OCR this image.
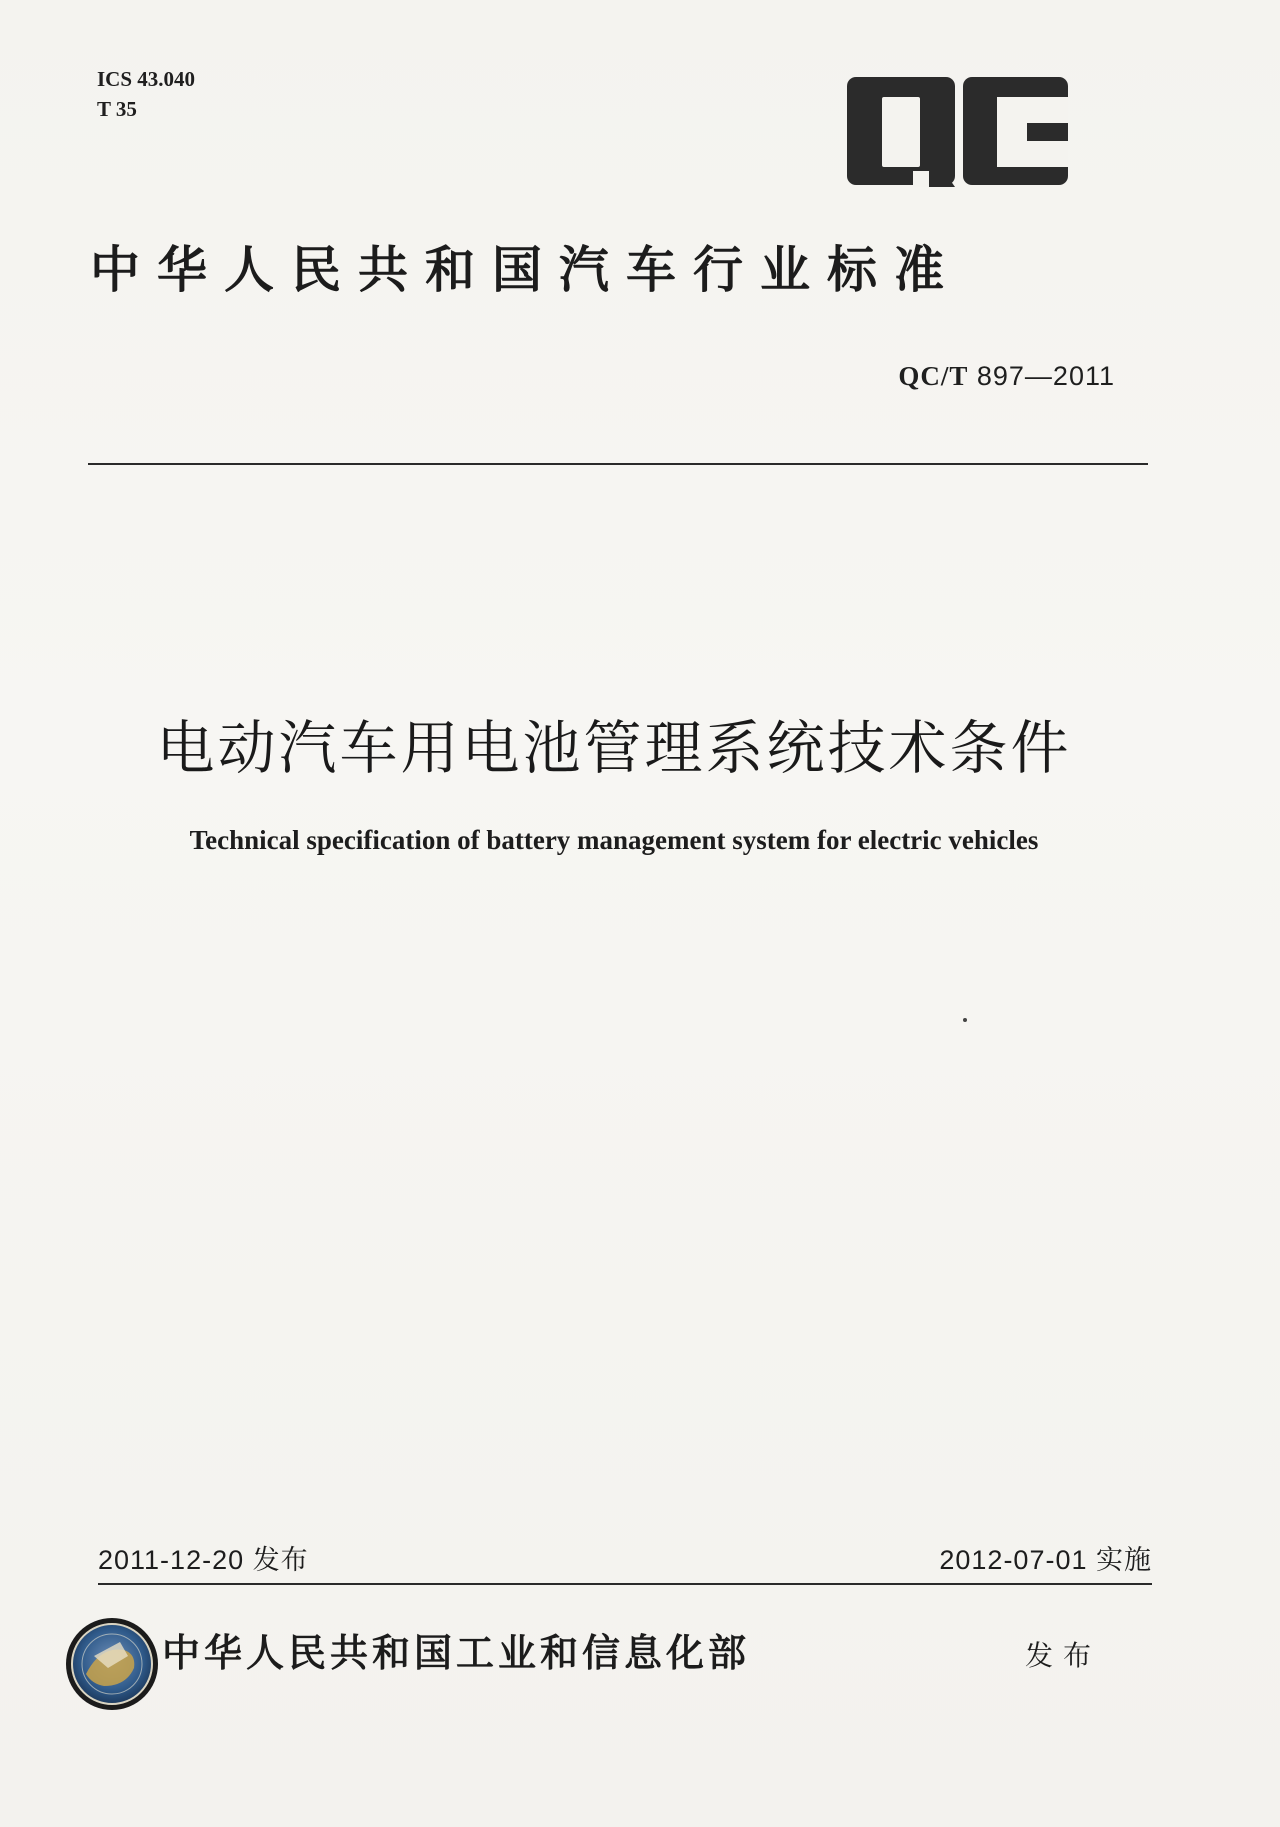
ICS 43.040
T 35
中华人民共和国汽车行业标准
QC/T 897—2011
电动汽车用电池管理系统技术条件
Technical specification of battery management system for electric vehicles
2011-12-20 发布	2012-07-01 实施
中华人民共和国工业和信息化部	发布
